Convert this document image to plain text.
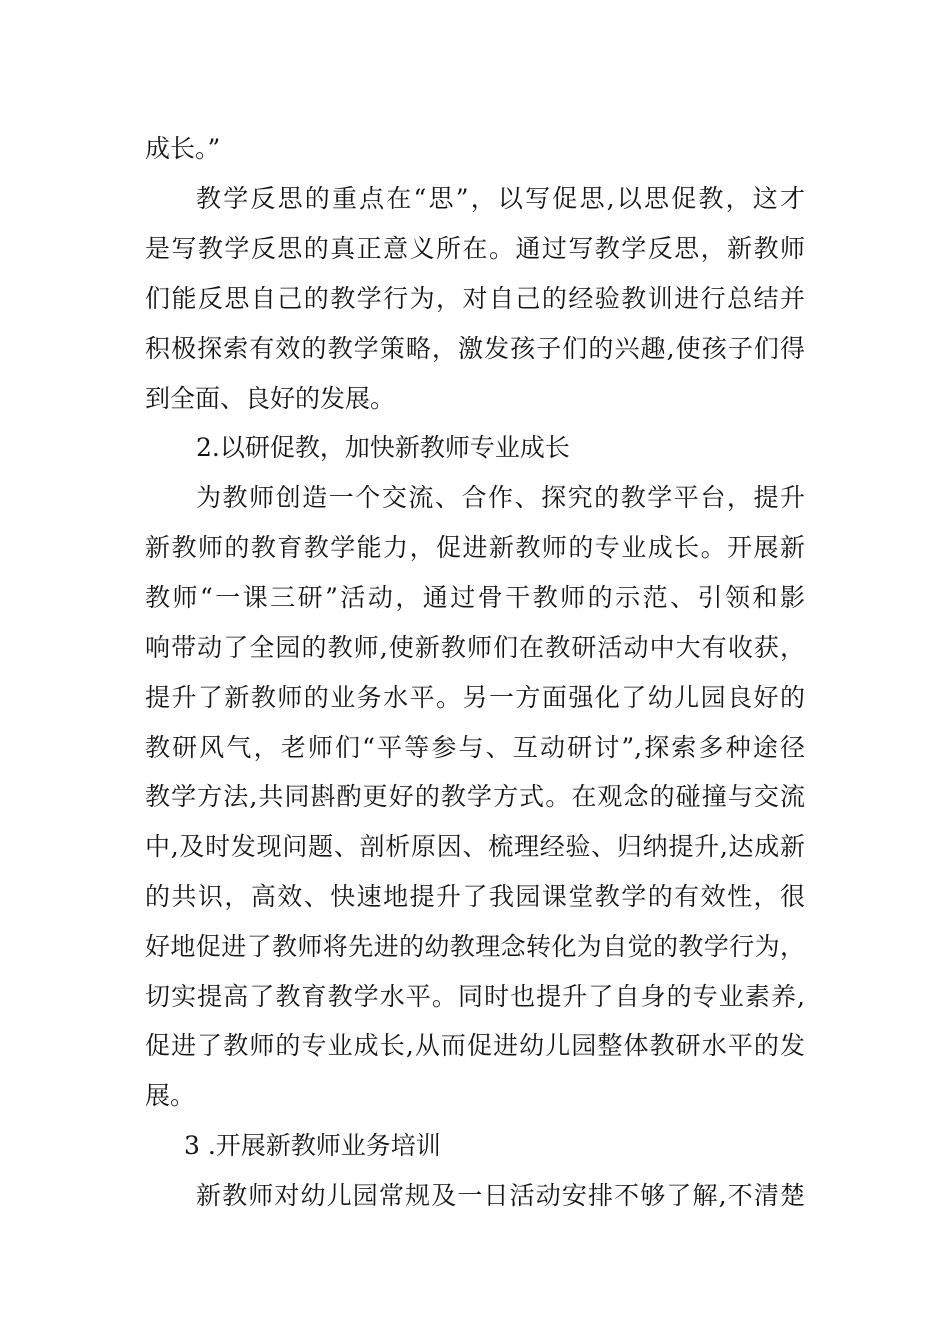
成长。”
教学反思的重点在“思”，以写促思,以思促教，这才
是写教学反思的真正意义所在。通过写教学反思，新教师
们能反思自己的教学行为，对自己的经验教训进行总结并
积极探索有效的教学策略，激发孩子们的兴趣,使孩子们得
到全面、良好的发展。
2.以研促教，加快新教师专业成长
为教师创造一个交流、合作、探究的教学平台，提升
新教师的教育教学能力，促进新教师的专业成长。开展新
教师“一课三研”活动，通过骨干教师的示范、引领和影
响带动了全园的教师,使新教师们在教研活动中大有收获，
提升了新教师的业务水平。另一方面强化了幼儿园良好的
教研风气，老师们“平等参与、互动研讨”,探索多种途径
教学方法,共同斟酌更好的教学方式。在观念的碰撞与交流
中,及时发现问题、剖析原因、梳理经验、归纳提升,达成新
的共识，高效、快速地提升了我园课堂教学的有效性，很
好地促进了教师将先进的幼教理念转化为自觉的教学行为，
切实提高了教育教学水平。同时也提升了自身的专业素养,
促进了教师的专业成长,从而促进幼儿园整体教研水平的发
展。
3 .开展新教师业务培训
新教师对幼儿园常规及一日活动安排不够了解,不清楚
